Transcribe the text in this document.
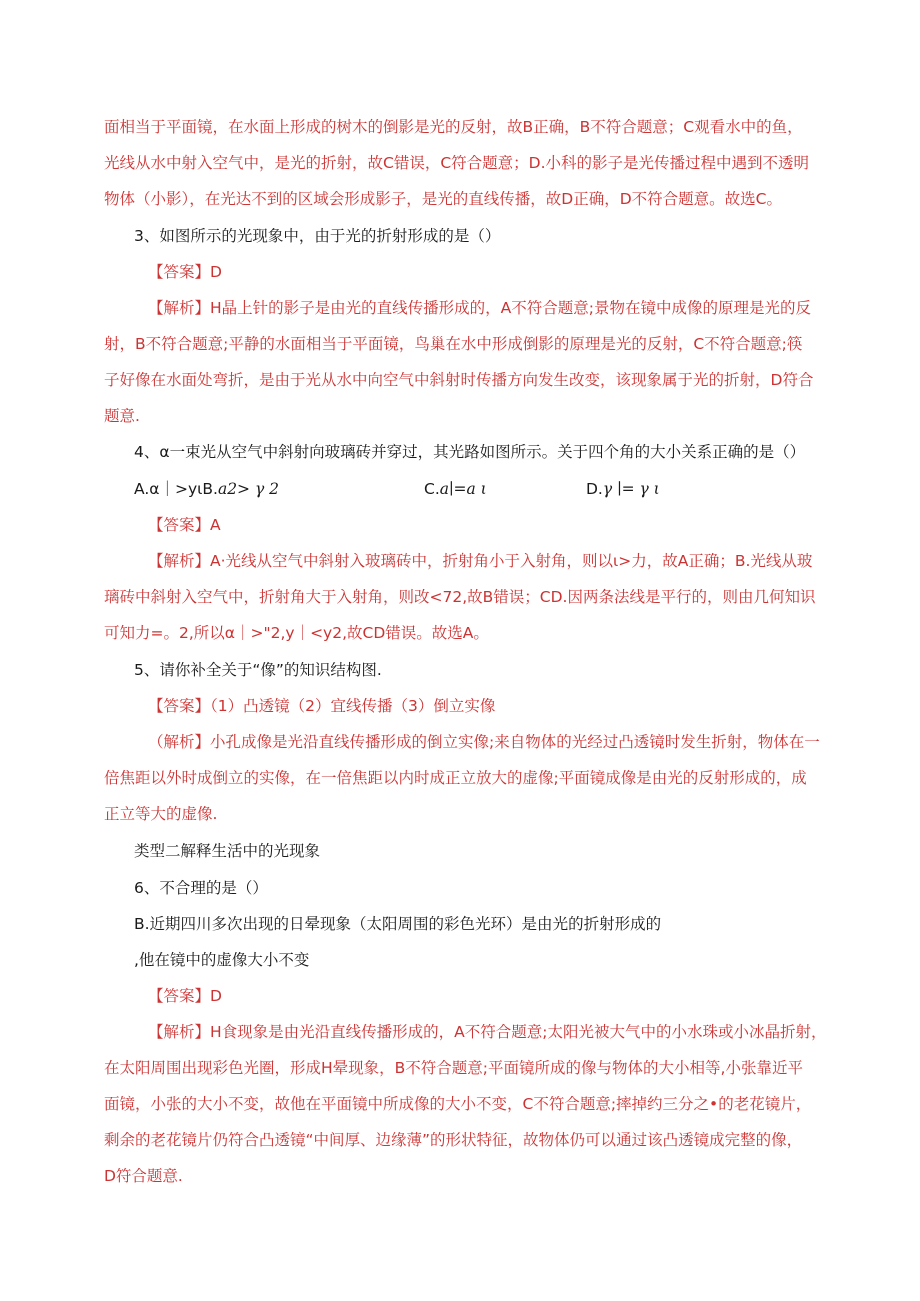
面相当于平面镜，在水面上形成的树木的倒影是光的反射，故B正确，B不符合题意；C观看水中的鱼，
光线从水中射入空气中，是光的折射，故C错误，C符合题意；D.小科的影子是光传播过程中遇到不透明
物体（小影），在光达不到的区域会形成影子，是光的直线传播，故D正确，D不符合题意。故选C。
3、如图所示的光现象中，由于光的折射形成的是（）
【答案】D
【解析】H晶上针的影子是由光的直线传播形成的，A不符合题意;景物在镜中成像的原理是光的反
射，B不符合题意;平静的水面相当于平面镜，鸟巢在水中形成倒影的原理是光的反射，C不符合题意;筷
子好像在水面处弯折，是由于光从水中向空气中斜射时传播方向发生改变，该现象属于光的折射，D符合
题意.
4、α一束光从空气中斜射向玻璃砖并穿过，其光路如图所示。关于四个角的大小关系正确的是（）
A.α｜>yιB.a2> γ 2	C.a∣=a ι	D.γ ∣= γ ι
【答案】A
【解析】A·光线从空气中斜射入玻璃砖中，折射角小于入射角，则以ι>力，故A正确；B.光线从玻
璃砖中斜射入空气中，折射角大于入射角，则改<72,故B错误；CD.因两条法线是平行的，则由几何知识
可知力=。2,所以α｜>"2,y｜<y2,故CD错误。故选A。
5、请你补全关于“像”的知识结构图.
【答案】（1）凸透镜（2）宜线传播（3）倒立实像
（解析】小孔成像是光沿直线传播形成的倒立实像;来自物体的光经过凸透镜时发生折射，物体在一
倍焦距以外时成倒立的实像，在一倍焦距以内时成正立放大的虚像;平面镜成像是由光的反射形成的，成
正立等大的虚像.
类型二解释生活中的光现象
6、不合理的是（）
B.近期四川多次出现的日晕现象（太阳周围的彩色光环）是由光的折射形成的
,他在镜中的虚像大小不变
【答案】D
【解析】H食现象是由光沿直线传播形成的，A不符合题意;太阳光被大气中的小水珠或小冰晶折射，
在太阳周围出现彩色光圈，形成H晕现象，B不符合题意;平面镜所成的像与物体的大小相等,小张靠近平
面镜，小张的大小不变，故他在平面镜中所成像的大小不变，C不符合题意;摔掉约三分之•的老花镜片，
剩余的老花镜片仍符合凸透镜“中间厚、边缘薄”的形状特征，故物体仍可以通过该凸透镜成完整的像，
D符合题意.
